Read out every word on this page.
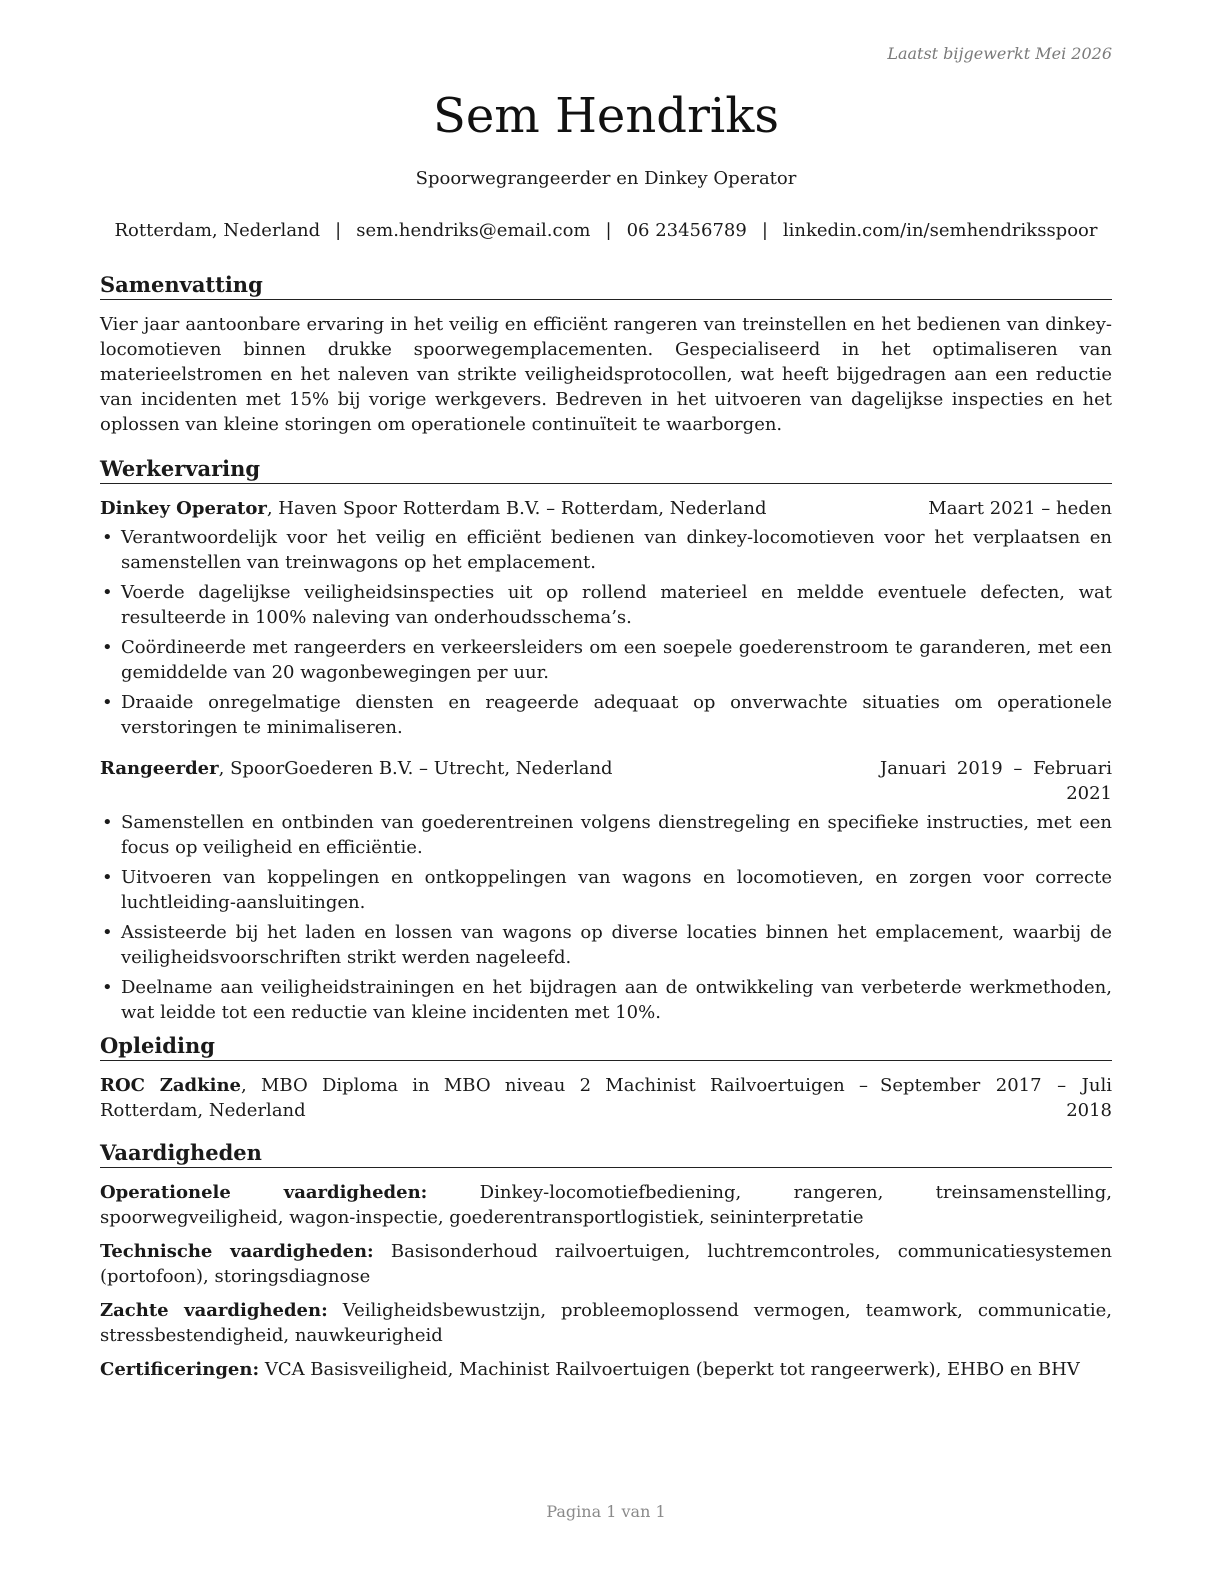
Laatst bijgewerkt Mei 2026
Sem Hendriks
Spoorwegrangeerder en Dinkey Operator
Rotterdam, Nederland | sem.hendriks@email.com | 06 23456789 | linkedin.com/in/semhendriksspoor
Samenvatting

Vier jaar aantoonbare ervaring in het veilig en efficiënt rangeren van treinstellen en het bedienen van dinkey-locomotieven binnen drukke spoorwegemplacementen. Gespecialiseerd in het optimaliseren van materieelstromen en het naleven van strikte veiligheidsprotocollen, wat heeft bijgedragen aan een reductie van incidenten met 15% bij vorige werkgevers. Bedreven in het uitvoeren van dagelijkse inspecties en het oplossen van kleine storingen om operationele continuïteit te waarborgen.

Werkervaring
Dinkey Operator, Haven Spoor Rotterdam B.V. – Rotterdam, Nederland	Maart 2021 – heden
• Verantwoordelijk voor het veilig en efficiënt bedienen van dinkey-locomotieven voor het verplaatsen en samenstellen van treinwagons op het emplacement.
• Voerde dagelijkse veiligheidsinspecties uit op rollend materieel en meldde eventuele defecten, wat resulteerde in 100% naleving van onderhoudsschema’s.
• Coördineerde met rangeerders en verkeersleiders om een soepele goederenstroom te garanderen, met een gemiddelde van 20 wagonbewegingen per uur.
• Draaide onregelmatige diensten en reageerde adequaat op onverwachte situaties om operationele verstoringen te minimaliseren.
Rangeerder, SpoorGoederen B.V. – Utrecht, Nederland	Januari 2019 – Februari 2021
• Samenstellen en ontbinden van goederentreinen volgens dienstregeling en specifieke instructies, met een focus op veiligheid en efficiëntie.
• Uitvoeren van koppelingen en ontkoppelingen van wagons en locomotieven, en zorgen voor correcte luchtleiding-aansluitingen.
• Assisteerde bij het laden en lossen van wagons op diverse locaties binnen het emplacement, waarbij de veiligheidsvoorschriften strikt werden nageleefd.
• Deelname aan veiligheidstrainingen en het bijdragen aan de ontwikkeling van verbeterde werkmethoden, wat leidde tot een reductie van kleine incidenten met 10%.
Opleiding
ROC Zadkine, MBO Diploma in MBO niveau 2 Machinist Railvoertuigen – Rotterdam, Nederland
September 2017 – Juli 2018
Vaardigheden

Operationele vaardigheden: Dinkey-locomotiefbediening, rangeren, treinsamenstelling, spoorwegveiligheid, wagon-inspectie, goederentransportlogistiek, seininterpretatie

Technische vaardigheden: Basisonderhoud railvoertuigen, luchtremcontroles, communicatiesystemen (portofoon), storingsdiagnose

Zachte vaardigheden: Veiligheidsbewustzijn, probleemoplossend vermogen, teamwork, communicatie, stressbestendigheid, nauwkeurigheid

Certificeringen: VCA Basisveiligheid, Machinist Railvoertuigen (beperkt tot rangeerwerk), EHBO en BHV

Pagina 1 van 1
